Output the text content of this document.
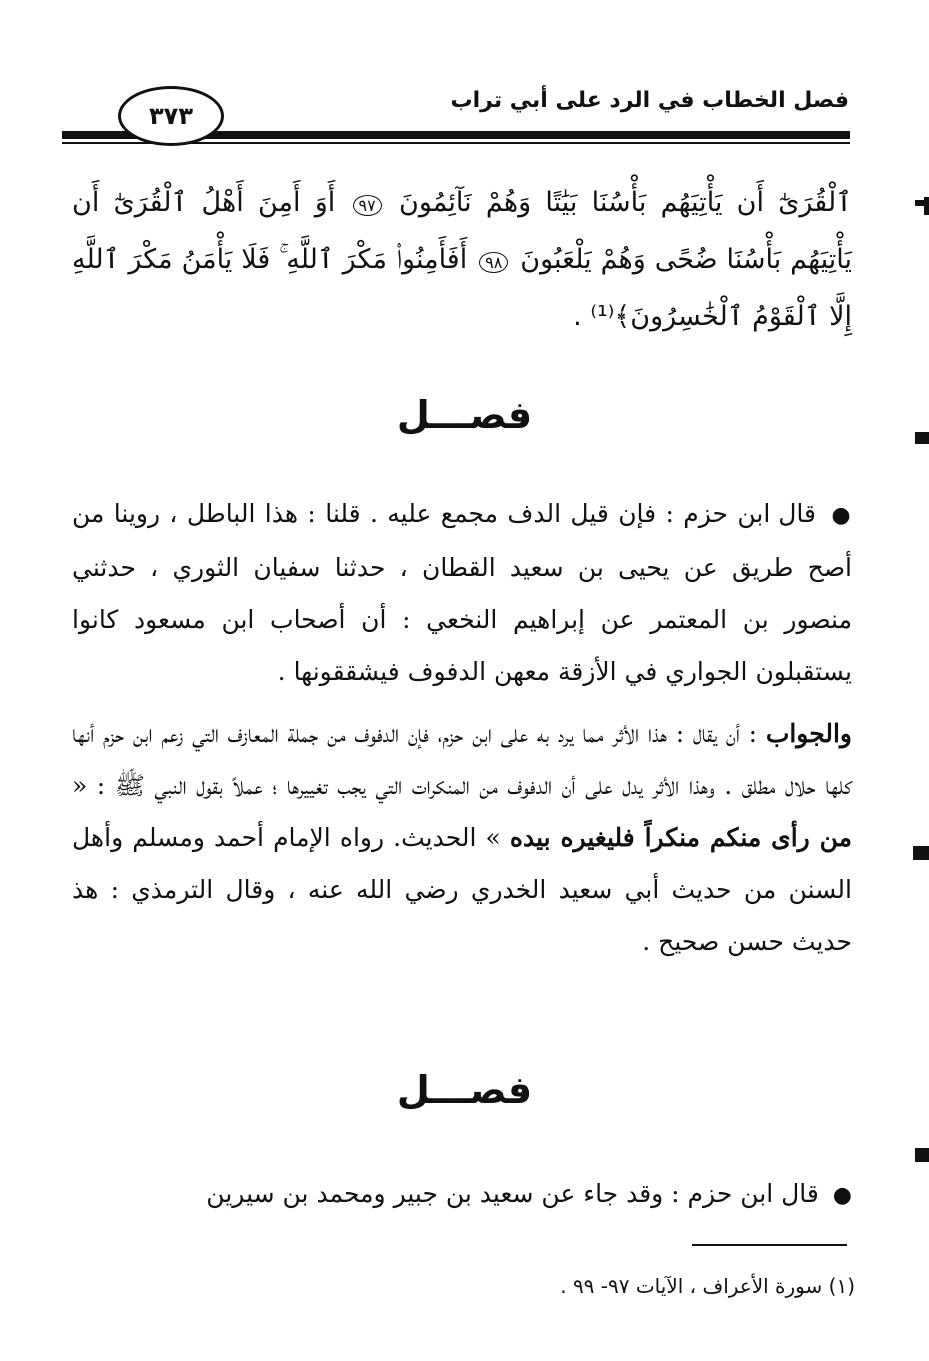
فصل الخطاب في الرد على أبي تراب
٣٧٣
ٱلْقُرَىٰٓ أَن يَأْتِيَهُم بَأْسُنَا بَيَٰتًا وَهُمْ نَآئِمُونَ ٩٧ أَوَ أَمِنَ أَهْلُ ٱلْقُرَىٰٓ أَن يَأْتِيَهُم بَأْسُنَا ضُحًى وَهُمْ يَلْعَبُونَ ٩٨ أَفَأَمِنُوا۟ مَكْرَ ٱللَّهِ ۚ فَلَا يَأْمَنُ مَكْرَ ٱللَّهِ إِلَّا ٱلْقَوْمُ ٱلْخَٰسِرُونَ﴾⁽¹⁾ .
فصـــل
● قال ابن حزم : فإن قيل الدف مجمع عليه . قلنا : هذا الباطل ، روينا من أصح طريق عن يحيى بن سعيد القطان ، حدثنا سفيان الثوري ، حدثني منصور بن المعتمر عن إبراهيم النخعي : أن أصحاب ابن مسعود كانوا يستقبلون الجواري في الأزقة معهن الدفوف فيشققونها .
والجواب : أن يقال : هذا الأثر مما يرد به على ابن حزم، فإن الدفوف من جملة المعازف التي زعم ابن حزم أنها كلها حلال مطلق . وهذا الأثر يدل على أن الدفوف من المنكرات التي يجب تغييرها ؛ عملاً بقول النبي ﷺ : « من رأى منكم منكراً فليغيره بيده » الحديث. رواه الإمام أحمد ومسلم وأهل السنن من حديث أبي سعيد الخدري رضي الله عنه ، وقال الترمذي : هذ حديث حسن صحيح .
فصـــل
● قال ابن حزم : وقد جاء عن سعيد بن جبير ومحمد بن سيرين
(١) سورة الأعراف ، الآيات ٩٧- ٩٩ .
